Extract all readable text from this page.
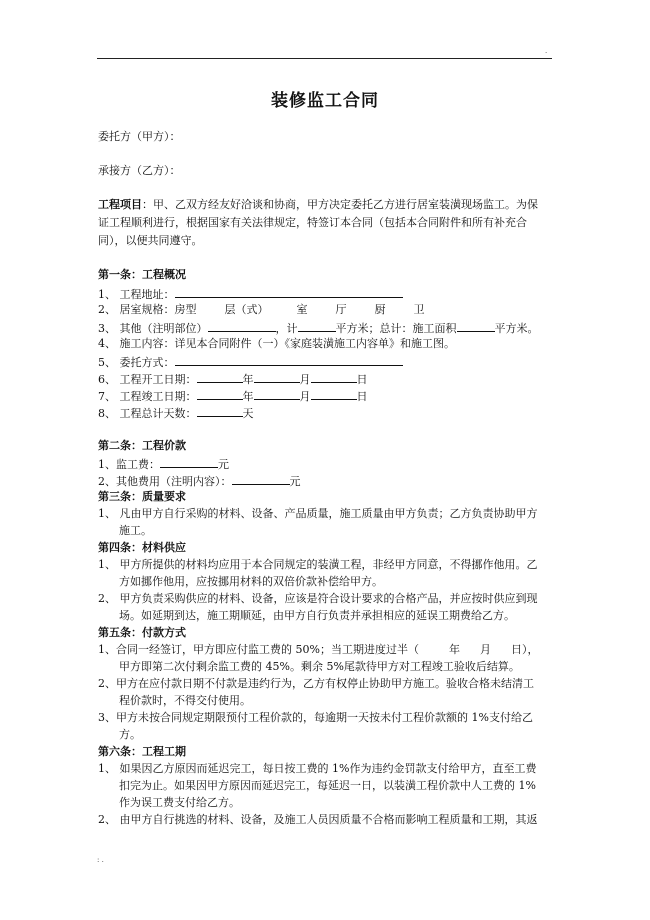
.
装修监工合同
委托方（甲方）：
承接方（乙方）：
工程项目：甲、乙双方经友好洽谈和协商，甲方决定委托乙方进行居室装潢现场监工。为保
证工程顺利进行，根据国家有关法律规定，特签订本合同（包括本合同附件和所有补充合
同），以便共同遵守。
第一条：工程概况
1、 工程地址：
2、 居室规格：房型	层（式）	室	厅	厨	卫
3、 其他（注明部位）	，计	平方米；总计：施工面积	平方米。
4、 施工内容：详见本合同附件（一）《家庭装潢施工内容单》和施工图。
5、 委托方式：
6、 工程开工日期：	年	月	日
7、 工程竣工日期：	年	月	日
8、 工程总计天数：	天
第二条：工程价款
1、监工费：	元
2、其他费用（注明内容）：	元
第三条：质量要求
1、 凡由甲方自行采购的材料、设备、产品质量，施工质量由甲方负责；乙方负责协助甲方
施工。
第四条：材料供应
1、 甲方所提供的材料均应用于本合同规定的装潢工程，非经甲方同意，不得挪作他用。乙
方如挪作他用，应按挪用材料的双倍价款补偿给甲方。
2、 甲方负责采购供应的材料、设备，应该是符合设计要求的合格产品，并应按时供应到现
场。如延期到达，施工期顺延，由甲方自行负责并承担相应的延误工期费给乙方。
第五条：付款方式
1、合同一经签订，甲方即应付监工费的 50%；当工期进度过半（	年 月 日），
甲方即第二次付剩余监工费的 45%。剩余 5%尾款待甲方对工程竣工验收后结算。
2、甲方在应付款日期不付款是违约行为，乙方有权停止协助甲方施工。验收合格未结清工
程价款时，不得交付使用。
3、甲方未按合同规定期限预付工程价款的，每逾期一天按未付工程价款额的 1%支付给乙
方。
第六条：工程工期
1、 如果因乙方原因而延迟完工，每日按工费的 1%作为违约金罚款支付给甲方，直至工费
扣完为止。如果因甲方原因而延迟完工，每延迟一日，以装潢工程价款中人工费的 1%
作为误工费支付给乙方。
2、 由甲方自行挑选的材料、设备，及施工人员因质量不合格而影响工程质量和工期，其返
: .
